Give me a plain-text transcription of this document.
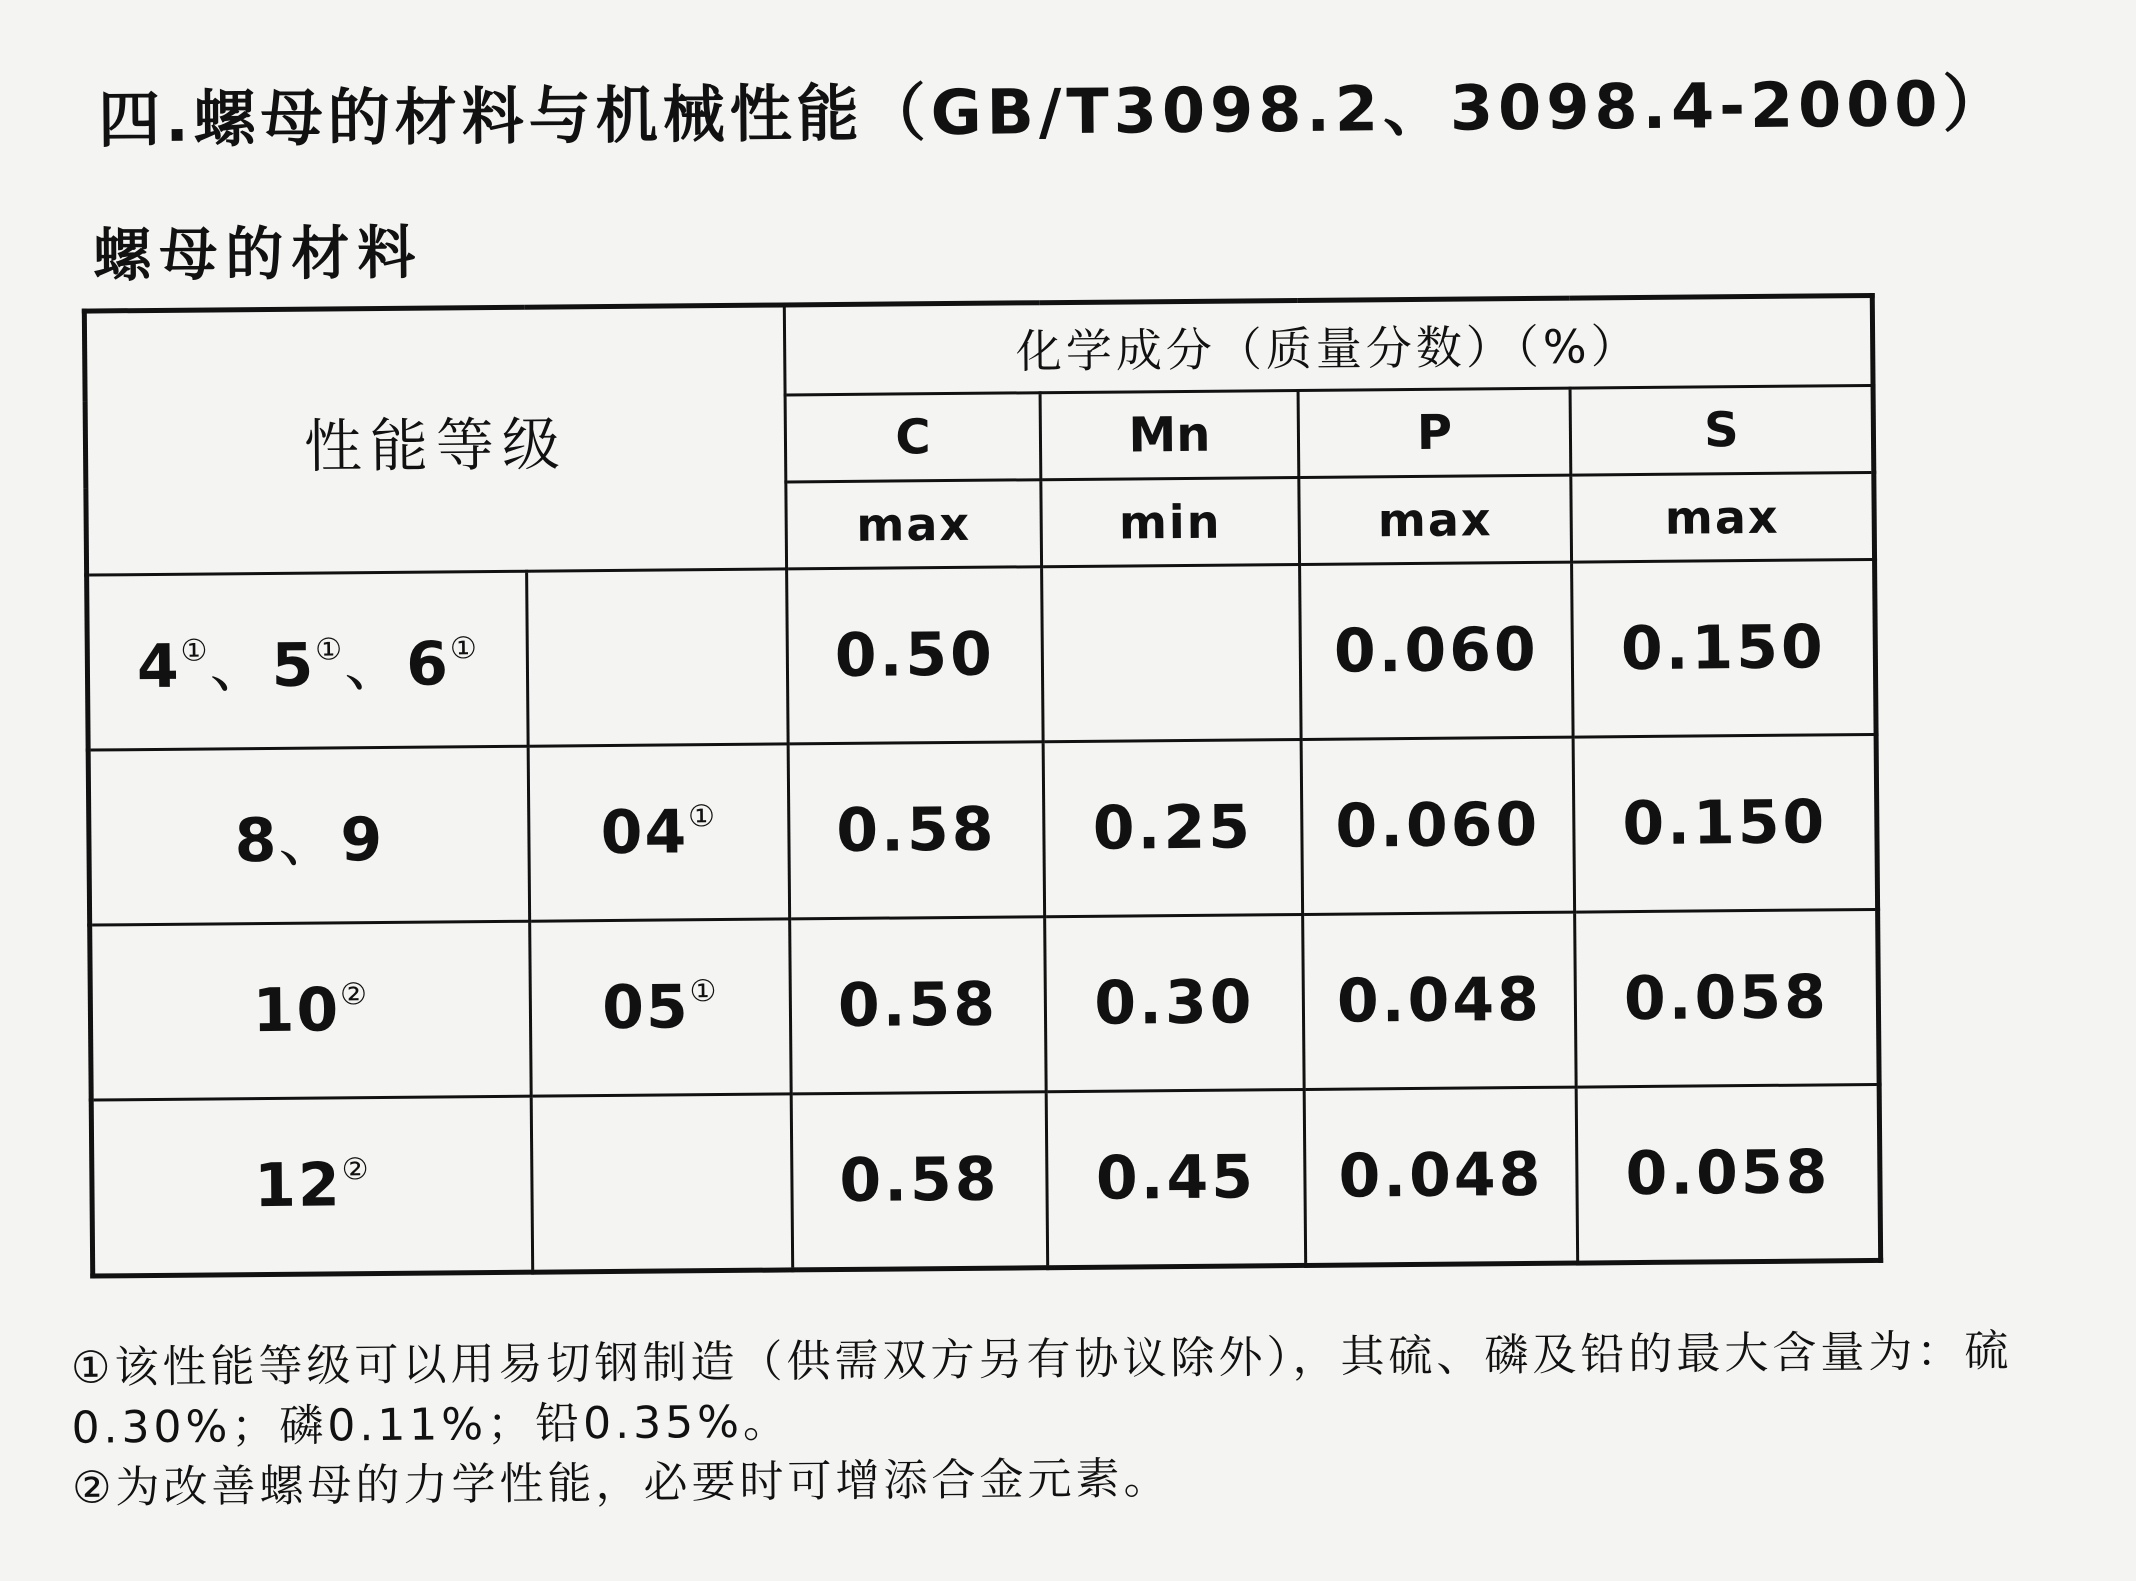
四.螺母的材料与机械性能（GB/T3098.2、3098.4-2000）
螺母的材料
性能等级		化学成分（质量分数）（%）			
		C	Mn	P	S
		max	min	max	max
4①、5①、6①		0.50		0.060	0.150
8、9	04①	0.58	0.25	0.060	0.150
10②	05①	0.58	0.30	0.048	0.058
12②		0.58	0.45	0.048	0.058

①该性能等级可以用易切钢制造（供需双方另有协议除外），其硫、磷及铅的最大含量为：硫0.30%；磷0.11%；铅0.35%。

②为改善螺母的力学性能，必要时可增添合金元素。
